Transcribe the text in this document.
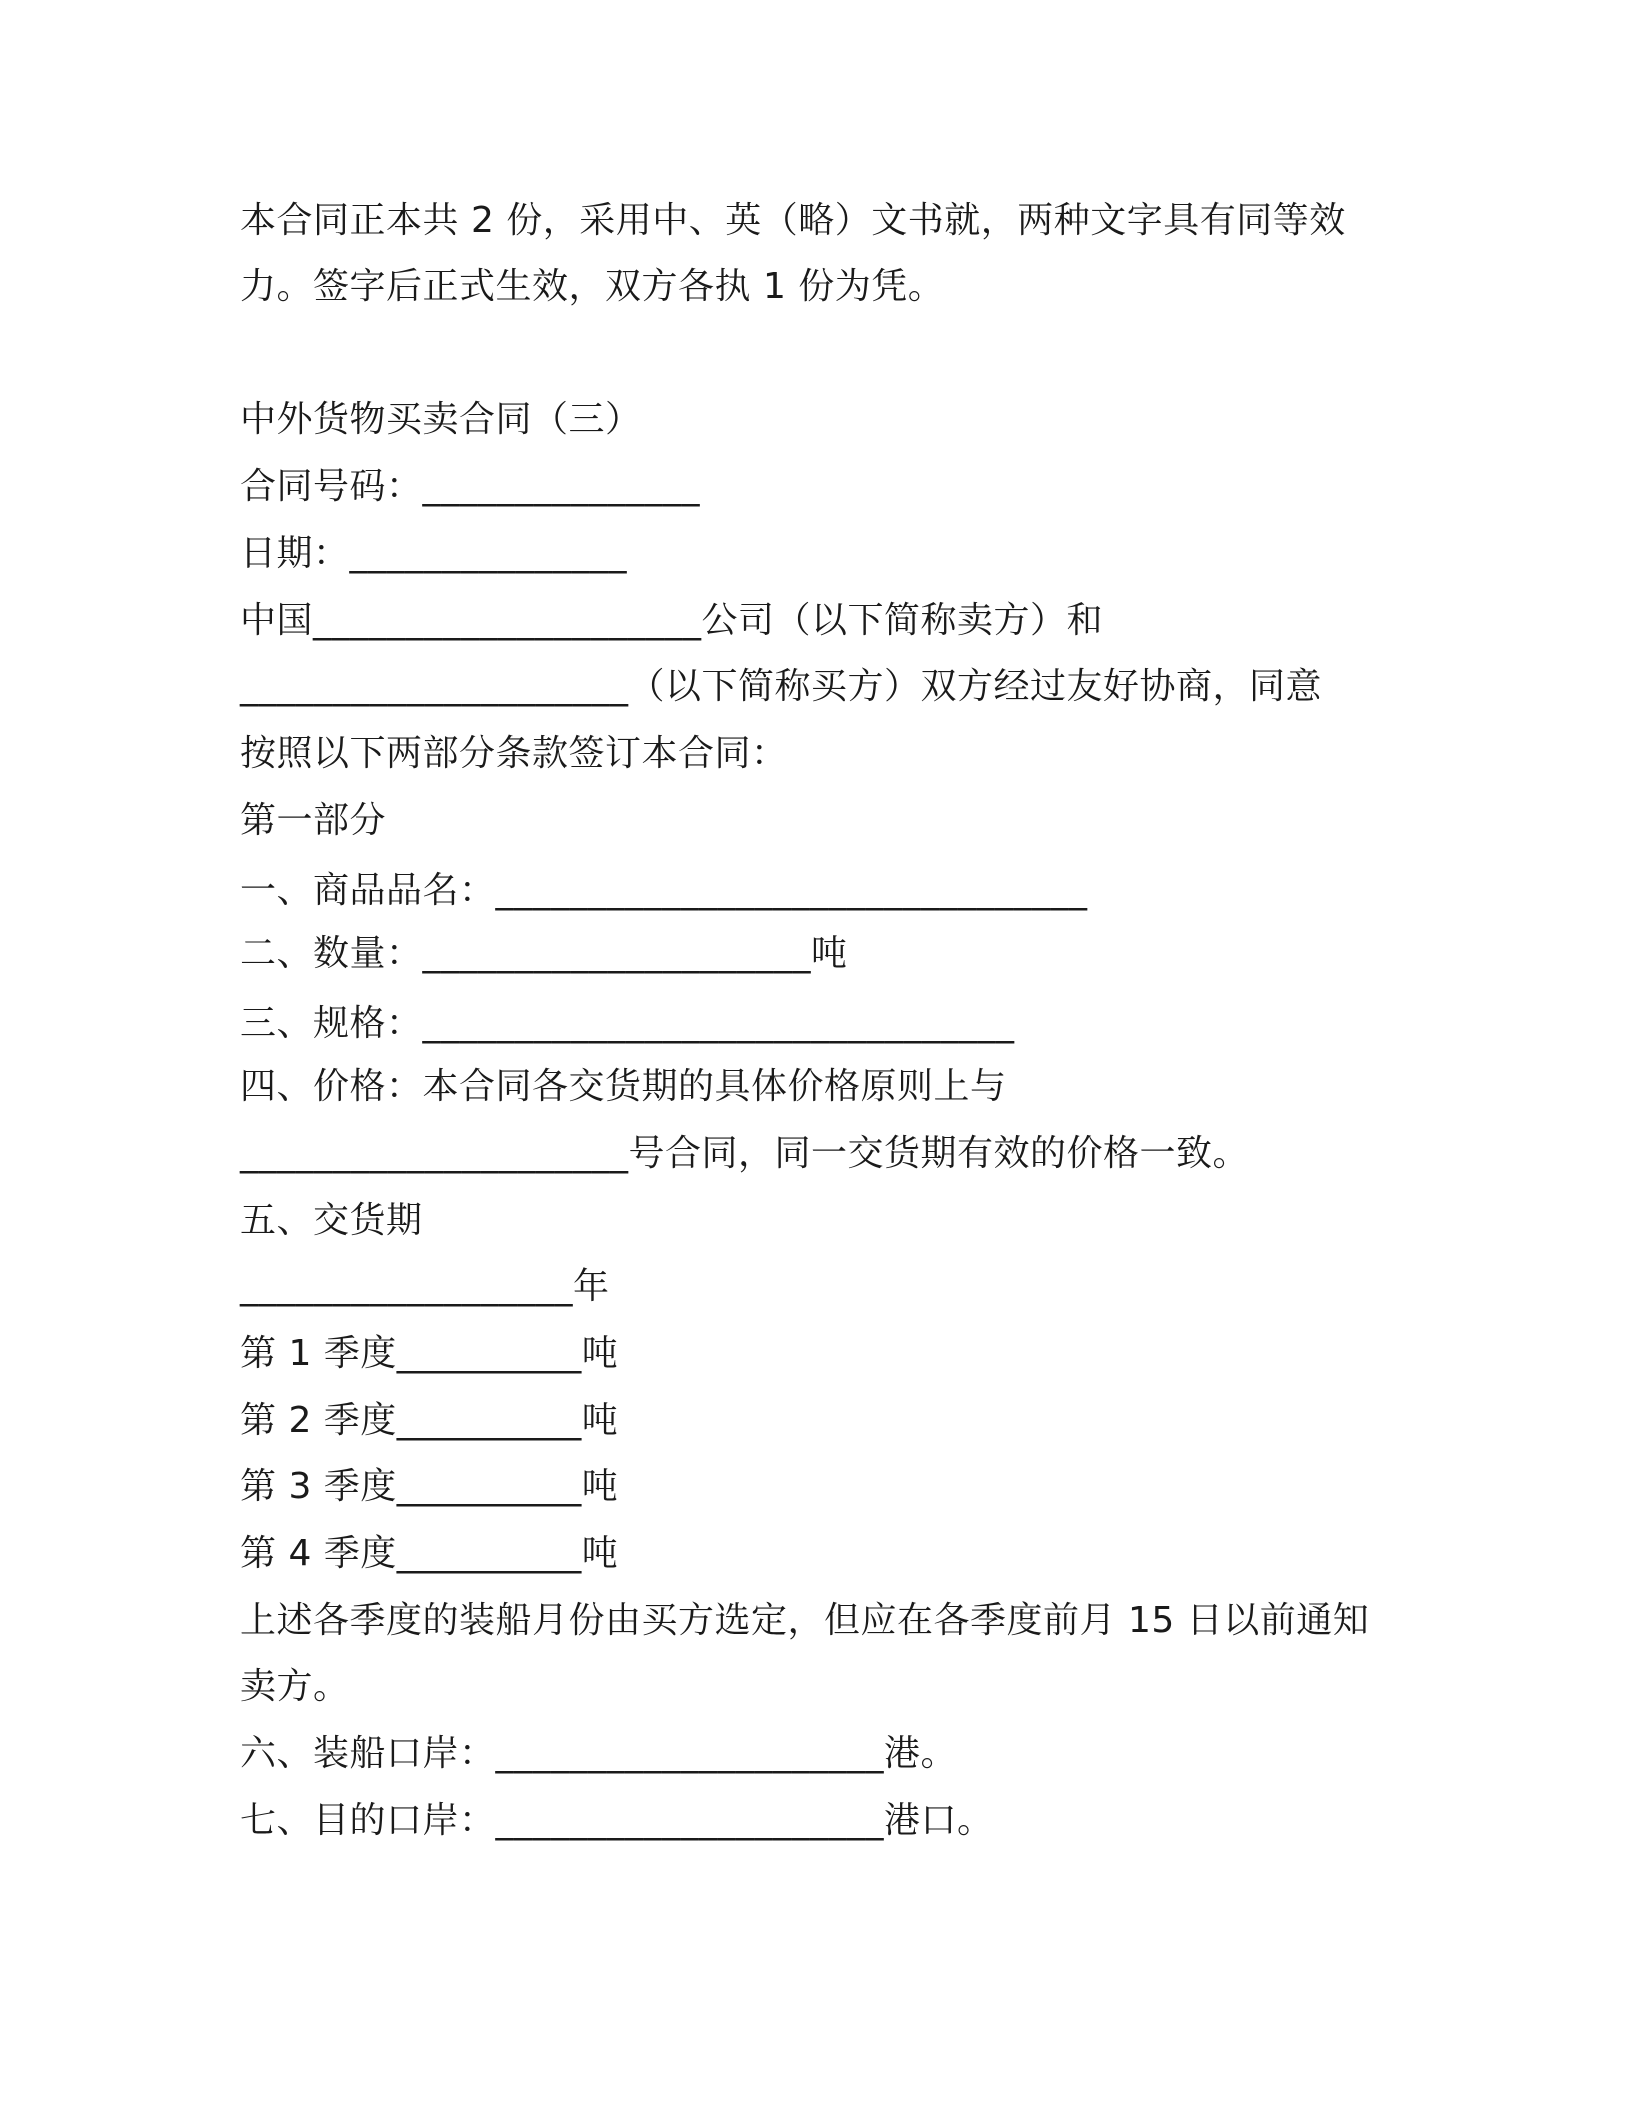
本合同正本共 2 份，采用中、英（略）文书就，两种文字具有同等效
力。签字后正式生效，双方各执 1 份为凭。
中外货物买卖合同（三）
合同号码：_______________
日期：_______________
中国_____________________公司（以下简称卖方）和
_____________________（以下简称买方）双方经过友好协商，同意
按照以下两部分条款签订本合同：
第一部分
一、商品品名：________________________________
二、数量：_____________________吨
三、规格：________________________________
四、价格：本合同各交货期的具体价格原则上与
_____________________号合同，同一交货期有效的价格一致。
五、交货期
__________________年
第 1 季度__________吨
第 2 季度__________吨
第 3 季度__________吨
第 4 季度__________吨
上述各季度的装船月份由买方选定，但应在各季度前月 15 日以前通知
卖方。
六、装船口岸：_____________________港。
七、目的口岸：_____________________港口。
